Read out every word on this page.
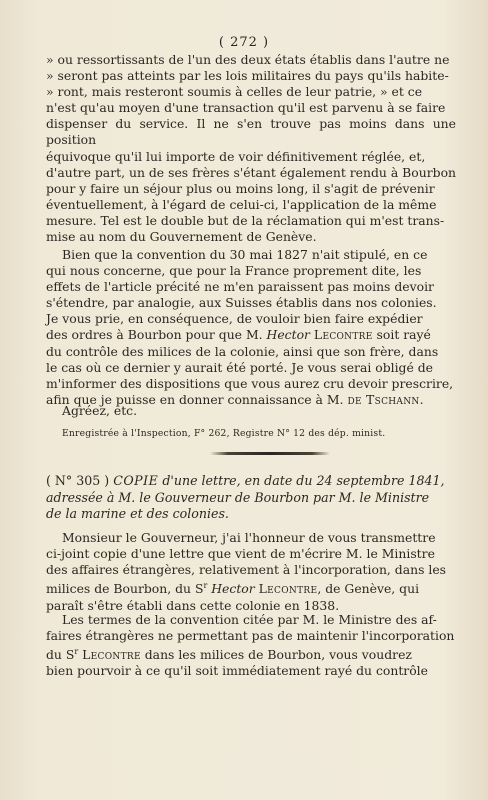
( 272 )

» ou ressortissants de l'un des deux états établis dans l'autre ne

» seront pas atteints par les lois militaires du pays qu'ils habite-

» ront, mais resteront soumis à celles de leur patrie, » et ce

n'est qu'au moyen d'une transaction qu'il est parvenu à se faire

dispenser du service. Il ne s'en trouve pas moins dans une position

équivoque qu'il lui importe de voir définitivement réglée, et,

d'autre part, un de ses frères s'étant également rendu à Bourbon

pour y faire un séjour plus ou moins long, il s'agit de prévenir

éventuellement, à l'égard de celui-ci, l'application de la même

mesure. Tel est le double but de la réclamation qui m'est trans-

mise au nom du Gouvernement de Genève.

Bien que la convention du 30 mai 1827 n'ait stipulé, en ce

qui nous concerne, que pour la France proprement dite, les

effets de l'article précité ne m'en paraissent pas moins devoir

s'étendre, par analogie, aux Suisses établis dans nos colonies.

Je vous prie, en conséquence, de vouloir bien faire expédier

des ordres à Bourbon pour que M. Hector Lecontre soit rayé

du contrôle des milices de la colonie, ainsi que son frère, dans

le cas où ce dernier y aurait été porté. Je vous serai obligé de

m'informer des dispositions que vous aurez cru devoir prescrire,

afin que je puisse en donner connaissance à M. de Tschann.

Agréez, etc.
Enregistrée à l'Inspection, F° 262, Registre N° 12 des dép. minist.

( N° 305 ) COPIE d'une lettre, en date du 24 septembre 1841,

adressée à M. le Gouverneur de Bourbon par M. le Ministre

de la marine et des colonies.

Monsieur le Gouverneur, j'ai l'honneur de vous transmettre

ci-joint copie d'une lettre que vient de m'écrire M. le Ministre

des affaires étrangères, relativement à l'incorporation, dans les

milices de Bourbon, du $S^r$ Hector Lecontre, de Genève, qui

paraît s'être établi dans cette colonie en 1838.

Les termes de la convention citée par M. le Ministre des af-

faires étrangères ne permettant pas de maintenir l'incorporation

du $S^r$ Lecontre dans les milices de Bourbon, vous voudrez

bien pourvoir à ce qu'il soit immédiatement rayé du contrôle
